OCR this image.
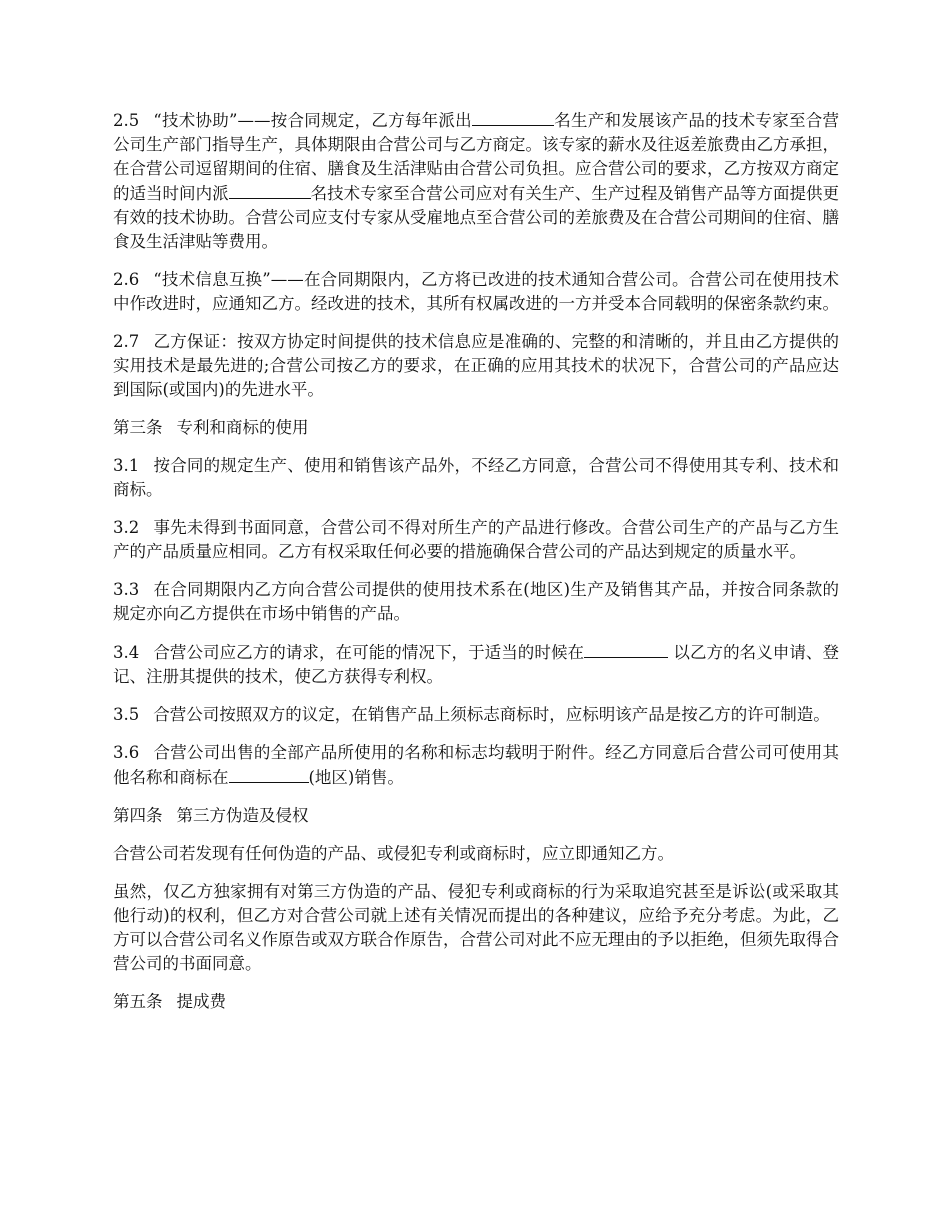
2.5 “技术协助”——按合同规定，乙方每年派出	名生产和发展该产品的技术专家至合营公司生产部门指导生产，具体期限由合营公司与乙方商定。该专家的薪水及往返差旅费由乙方承担，在合营公司逗留期间的住宿、膳食及生活津贴由合营公司负担。应合营公司的要求，乙方按双方商定的适当时间内派	名技术专家至合营公司应对有关生产、生产过程及销售产品等方面提供更有效的技术协助。合营公司应支付专家从受雇地点至合营公司的差旅费及在合营公司期间的住宿、膳食及生活津贴等费用。

2.6 “技术信息互换”——在合同期限内，乙方将已改进的技术通知合营公司。合营公司在使用技术中作改进时，应通知乙方。经改进的技术，其所有权属改进的一方并受本合同载明的保密条款约束。

2.7 乙方保证：按双方协定时间提供的技术信息应是准确的、完整的和清晰的，并且由乙方提供的实用技术是最先进的;合营公司按乙方的要求，在正确的应用其技术的状况下，合营公司的产品应达到国际(或国内)的先进水平。

第三条 专利和商标的使用

3.1 按合同的规定生产、使用和销售该产品外，不经乙方同意，合营公司不得使用其专利、技术和商标。

3.2 事先未得到书面同意，合营公司不得对所生产的产品进行修改。合营公司生产的产品与乙方生产的产品质量应相同。乙方有权采取任何必要的措施确保合营公司的产品达到规定的质量水平。

3.3 在合同期限内乙方向合营公司提供的使用技术系在(地区)生产及销售其产品，并按合同条款的规定亦向乙方提供在市场中销售的产品。

3.4 合营公司应乙方的请求，在可能的情况下，于适当的时候在	以乙方的名义申请、登记、注册其提供的技术，使乙方获得专利权。

3.5 合营公司按照双方的议定，在销售产品上须标志商标时，应标明该产品是按乙方的许可制造。

3.6 合营公司出售的全部产品所使用的名称和标志均载明于附件。经乙方同意后合营公司可使用其他名称和商标在	(地区)销售。

第四条 第三方伪造及侵权

合营公司若发现有任何伪造的产品、或侵犯专利或商标时，应立即通知乙方。

虽然，仅乙方独家拥有对第三方伪造的产品、侵犯专利或商标的行为采取追究甚至是诉讼(或采取其他行动)的权利，但乙方对合营公司就上述有关情况而提出的各种建议，应给予充分考虑。为此，乙方可以合营公司名义作原告或双方联合作原告，合营公司对此不应无理由的予以拒绝，但须先取得合营公司的书面同意。

第五条 提成费
